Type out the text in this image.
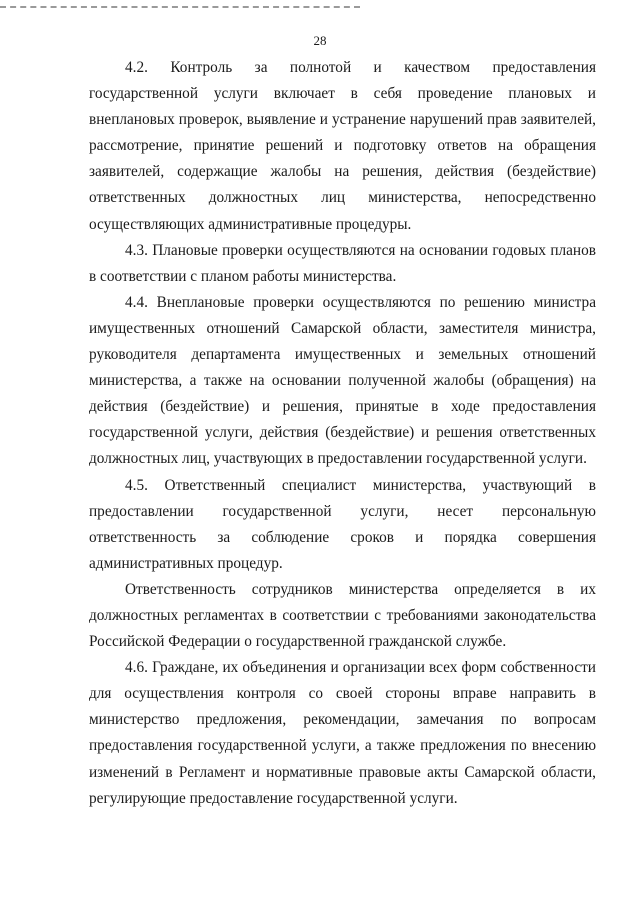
28

4.2. Контроль за полнотой и качеством предоставления государственной услуги включает в себя проведение плановых и внеплановых проверок, выявление и устранение нарушений прав заявителей, рассмотрение, принятие решений и подготовку ответов на обращения заявителей, содержащие жалобы на решения, действия (бездействие) ответственных должностных лиц министерства, непосредственно осуществляющих административные процедуры.

4.3. Плановые проверки осуществляются на основании годовых планов в соответствии с планом работы министерства.

4.4. Внеплановые проверки осуществляются по решению министра имущественных отношений Самарской области, заместителя министра, руководителя департамента имущественных и земельных отношений министерства, а также на основании полученной жалобы (обращения) на действия (бездействие) и решения, принятые в ходе предоставления государственной услуги, действия (бездействие) и решения ответственных должностных лиц, участвующих в предоставлении государственной услуги.

4.5. Ответственный специалист министерства, участвующий в предоставлении государственной услуги, несет персональную ответственность за соблюдение сроков и порядка совершения административных процедур.

Ответственность сотрудников министерства определяется в их должностных регламентах в соответствии с требованиями законодательства Российской Федерации о государственной гражданской службе.

4.6. Граждане, их объединения и организации всех форм собственности для осуществления контроля со своей стороны вправе направить в министерство предложения, рекомендации, замечания по вопросам предоставления государственной услуги, а также предложения по внесению изменений в Регламент и нормативные правовые акты Самарской области, регулирующие предоставление государственной услуги.
